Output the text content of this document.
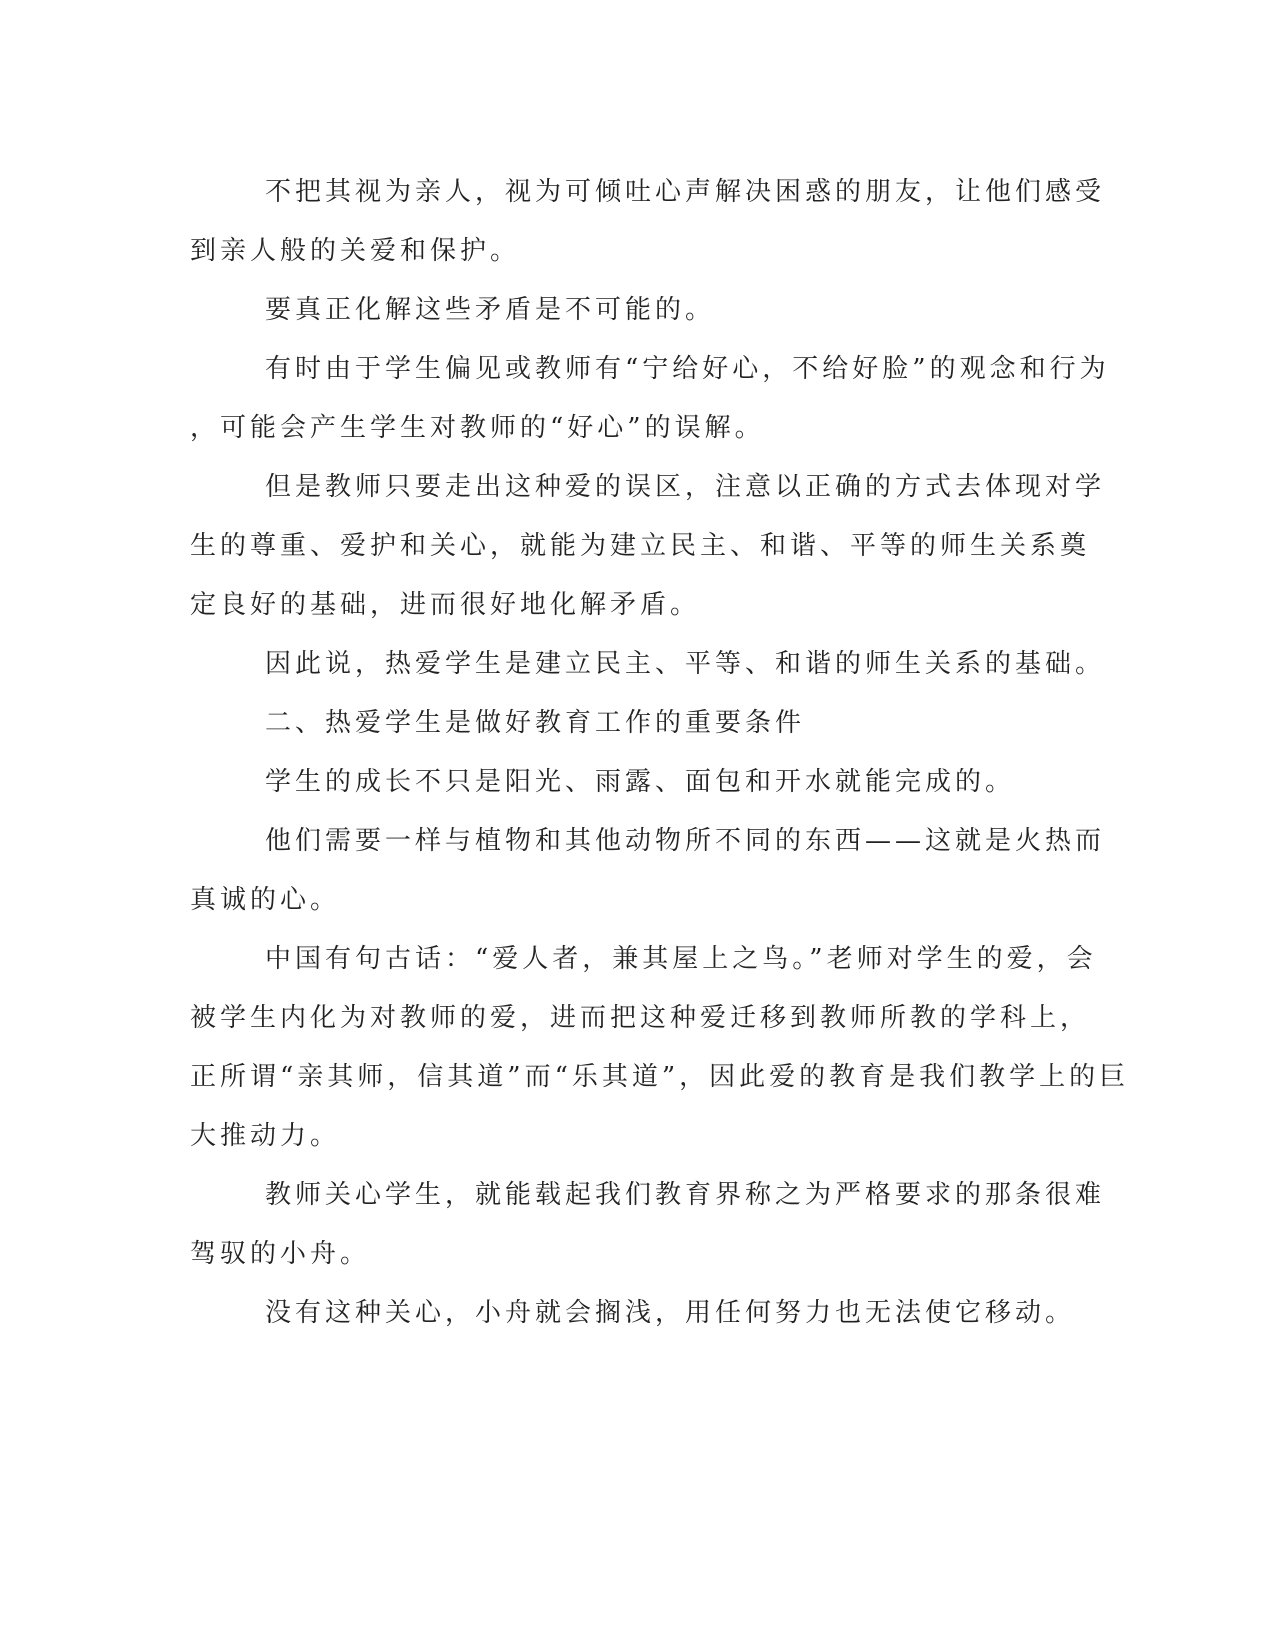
不把其视为亲人，视为可倾吐心声解决困惑的朋友，让他们感受
到亲人般的关爱和保护。
要真正化解这些矛盾是不可能的。
有时由于学生偏见或教师有“宁给好心，不给好脸”的观念和行为
，可能会产生学生对教师的“好心”的误解。
但是教师只要走出这种爱的误区，注意以正确的方式去体现对学
生的尊重、爱护和关心，就能为建立民主、和谐、平等的师生关系奠
定良好的基础，进而很好地化解矛盾。
因此说，热爱学生是建立民主、平等、和谐的师生关系的基础。
二、热爱学生是做好教育工作的重要条件
学生的成长不只是阳光、雨露、面包和开水就能完成的。
他们需要一样与植物和其他动物所不同的东西——这就是火热而
真诚的心。
中国有句古话：“爱人者，兼其屋上之鸟。”老师对学生的爱，会
被学生内化为对教师的爱，进而把这种爱迁移到教师所教的学科上，
正所谓“亲其师，信其道”而“乐其道”，因此爱的教育是我们教学上的巨
大推动力。
教师关心学生，就能载起我们教育界称之为严格要求的那条很难
驾驭的小舟。
没有这种关心，小舟就会搁浅，用任何努力也无法使它移动。
